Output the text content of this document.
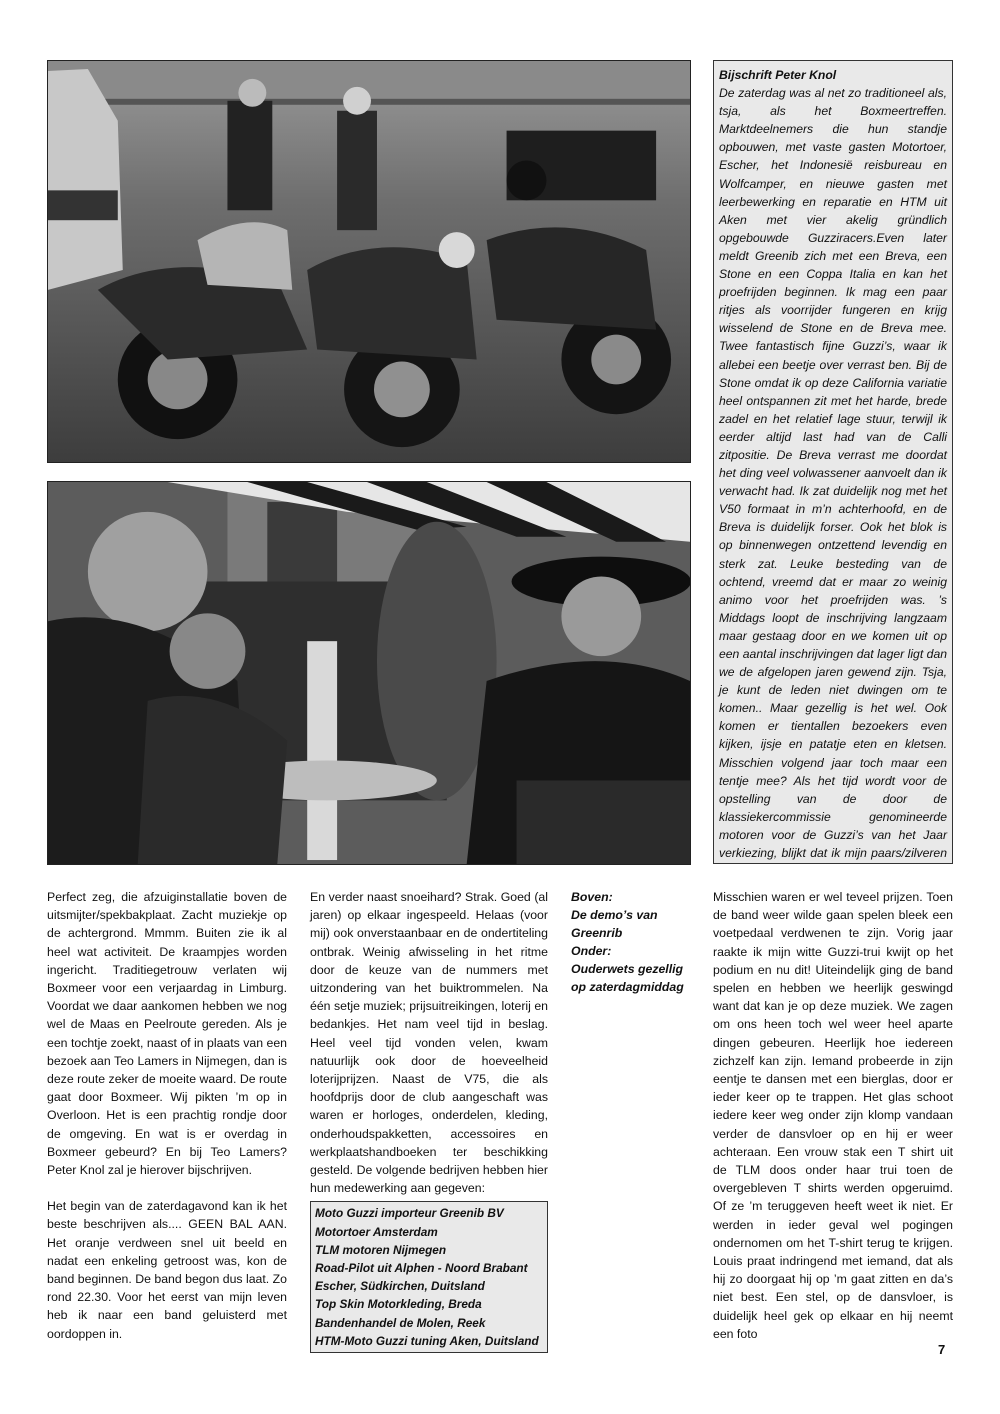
Bijschrift Peter Knol
De zaterdag was al net zo traditioneel als, tsja, als het Boxmeertreffen. Marktdeelnemers die hun standje opbouwen, met vaste gasten Motortoer, Escher, het Indonesië reisbureau en Wolfcamper, en nieuwe gasten met leerbewerking en reparatie en HTM uit Aken met vier akelig gründlich opgebouwde Guzziracers.Even later meldt Greenib zich met een Breva, een Stone en een Coppa Italia en kan het proefrijden beginnen. Ik mag een paar ritjes als voorrijder fungeren en krijg wisselend de Stone en de Breva mee. Twee fantastisch fijne Guzzi’s, waar ik allebei een beetje over verrast ben. Bij de Stone omdat ik op deze California variatie heel ontspannen zit met het harde, brede zadel en het relatief lage stuur, terwijl ik eerder altijd last had van de Calli zitpositie. De Breva verrast me doordat het ding veel volwassener aanvoelt dan ik verwacht had. Ik zat duidelijk nog met het V50 formaat in m’n achterhoofd, en de Breva is duidelijk forser. Ook het blok is op binnenwegen ontzettend levendig en sterk zat. Leuke besteding van de ochtend, vreemd dat er maar zo weinig animo voor het proefrijden was. ’s Middags loopt de inschrijving langzaam maar gestaag door en we komen uit op een aantal inschrijvingen dat lager ligt dan we de afgelopen jaren gewend zijn. Tsja, je kunt de leden niet dwingen om te komen.. Maar gezellig is het wel. Ook komen er tientallen bezoekers even kijken, ijsje en patatje eten en kletsen. Misschien volgend jaar toch maar een tentje mee? Als het tijd wordt voor de opstelling van de door de klassiekercommissie genomineerde motoren voor de Guzzi’s van het Jaar verkiezing, blijkt dat ik mijn paars/zilveren

Perfect zeg, die afzuiginstallatie boven de uitsmijter/spekbakplaat. Zacht muziekje op de achtergrond. Mmmm. Buiten zie ik al heel wat activiteit. De kraampjes worden ingericht. Traditiegetrouw verlaten wij Boxmeer voor een verjaardag in Limburg. Voordat we daar aankomen hebben we nog wel de Maas en Peelroute gereden. Als je een tochtje zoekt, naast of in plaats van een bezoek aan Teo Lamers in Nijmegen, dan is deze route zeker de moeite waard. De route gaat door Boxmeer. Wij pikten ’m op in Overloon. Het is een prachtig rondje door de omgeving. En wat is er overdag in Boxmeer gebeurd? En bij Teo Lamers? Peter Knol zal je hierover bijschrijven.

Het begin van de zaterdagavond kan ik het beste beschrijven als.... GEEN BAL AAN. Het oranje verdween snel uit beeld en nadat een enkeling getroost was, kon de band beginnen. De band begon dus laat. Zo rond 22.30. Voor het eerst van mijn leven heb ik naar een band geluisterd met oordoppen in.

En verder naast snoeihard? Strak. Goed (al jaren) op elkaar ingespeeld. Helaas (voor mij) ook onverstaanbaar en de ondertiteling ontbrak. Weinig afwisseling in het ritme door de keuze van de nummers met uitzondering van het buiktrommelen. Na één setje muziek; prijsuitreikingen, loterij en bedankjes. Het nam veel tijd in beslag. Heel veel tijd vonden velen, kwam natuurlijk ook door de hoeveelheid loterijprijzen. Naast de V75, die als hoofdprijs door de club aangeschaft was waren er horloges, onderdelen, kleding, onderhoudspakketten, accessoires en werkplaatshandboeken ter beschikking gesteld. De volgende bedrijven hebben hier hun medewerking aan gegeven:

Moto Guzzi importeur Greenib BV
Motortoer Amsterdam
TLM motoren Nijmegen
Road-Pilot uit Alphen - Noord Brabant
Escher, Südkirchen, Duitsland
Top Skin Motorkleding, Breda
Bandenhandel de Molen, Reek
HTM-Moto Guzzi tuning Aken, Duitsland
Boven:
De demo’s van Greenrib
Onder:
Ouderwets gezellig op zaterdagmiddag

Misschien waren er wel teveel prijzen. Toen de band weer wilde gaan spelen bleek een voetpedaal verdwenen te zijn. Vorig jaar raakte ik mijn witte Guzzi-trui kwijt op het podium en nu dit! Uiteindelijk ging de band spelen en hebben we heerlijk geswingd want dat kan je op deze muziek. We zagen om ons heen toch wel weer heel aparte dingen gebeuren. Heerlijk hoe iedereen zichzelf kan zijn. Iemand probeerde in zijn eentje te dansen met een bierglas, door er ieder keer op te trappen. Het glas schoot iedere keer weg onder zijn klomp vandaan verder de dansvloer op en hij er weer achteraan. Een vrouw stak een T shirt uit de TLM doos onder haar trui toen de overgebleven T shirts werden opgeruimd. Of ze ’m teruggeven heeft weet ik niet. Er werden in ieder geval wel pogingen ondernomen om het T-shirt terug te krijgen. Louis praat indringend met iemand, dat als hij zo doorgaat hij op ’m gaat zitten en da’s niet best. Een stel, op de dansvloer, is duidelijk heel gek op elkaar en hij neemt een foto

7
